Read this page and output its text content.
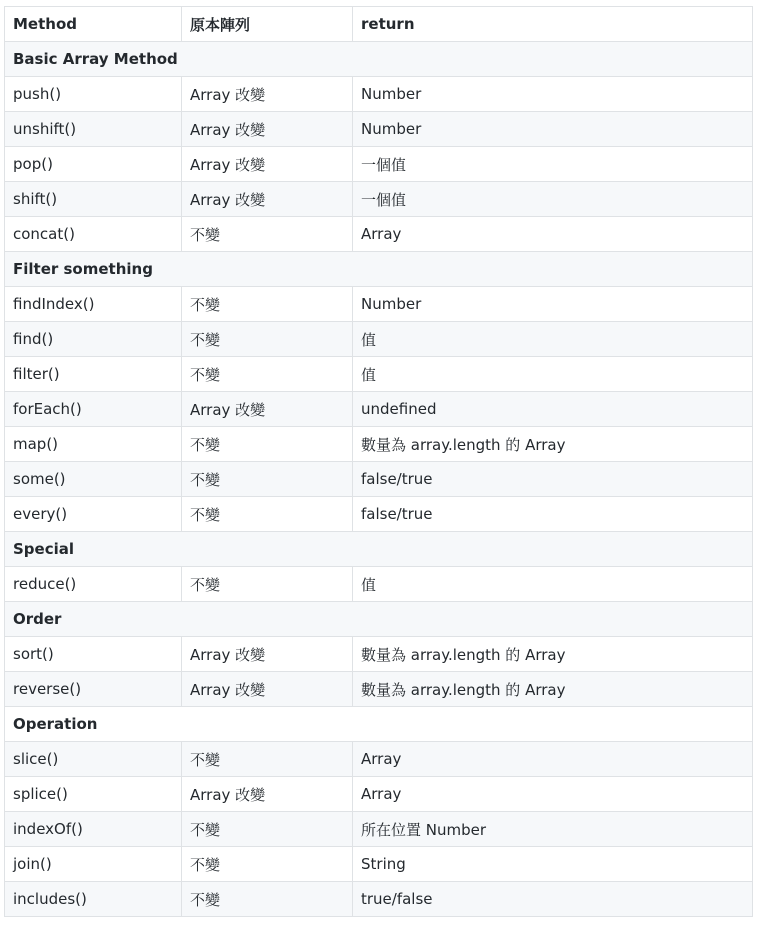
Method	原本陣列	return
Basic Array Method		
push()	Array 改變	Number
unshift()	Array 改變	Number
pop()	Array 改變	一個值
shift()	Array 改變	一個值
concat()	不變	Array
Filter something		
findIndex()	不變	Number
find()	不變	值
filter()	不變	值
forEach()	Array 改變	undefined
map()	不變	數量為 array.length 的 Array
some()	不變	false/true
every()	不變	false/true
Special		
reduce()	不變	值
Order		
sort()	Array 改變	數量為 array.length 的 Array
reverse()	Array 改變	數量為 array.length 的 Array
Operation		
slice()	不變	Array
splice()	Array 改變	Array
indexOf()	不變	所在位置 Number
join()	不變	String
includes()	不變	true/false
